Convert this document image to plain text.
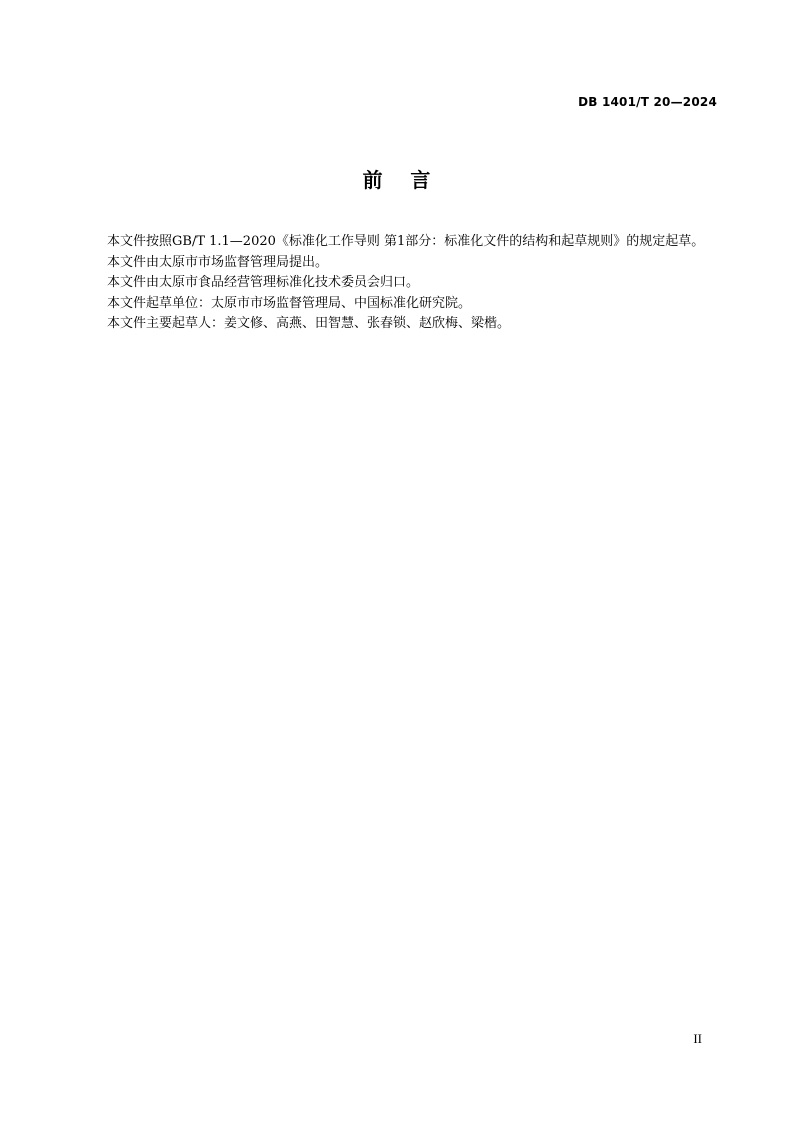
DB 1401/T 20—2024
前    言

本文件按照GB/T 1.1—2020《标准化工作导则 第1部分：标准化文件的结构和起草规则》的规定起草。

本文件由太原市市场监督管理局提出。

本文件由太原市食品经营管理标准化技术委员会归口。

本文件起草单位：太原市市场监督管理局、中国标准化研究院。

本文件主要起草人：姜文修、高燕、田智慧、张春锁、赵欣梅、梁楷。

II
